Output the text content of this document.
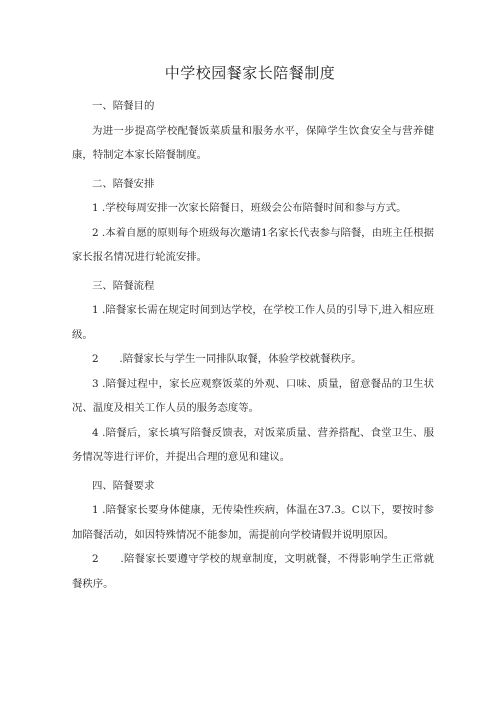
中学校园餐家长陪餐制度
一、陪餐目的

为进一步提高学校配餐饭菜质量和服务水平，保障学生饮食安全与营养健康，特制定本家长陪餐制度。

二、陪餐安排

1 .学校每周安排一次家长陪餐日，班级会公布陪餐时间和参与方式。

2 .本着自愿的原则每个班级每次邀请1名家长代表参与陪餐，由班主任根据家长报名情况进行轮流安排。

三、陪餐流程

1 .陪餐家长需在规定时间到达学校，在学校工作人员的引导下,进入相应班级。

2　　.陪餐家长与学生一同排队取餐，体验学校就餐秩序。

3 .陪餐过程中，家长应观察饭菜的外观、口味、质量，留意餐品的卫生状况、温度及相关工作人员的服务态度等。

4 .陪餐后，家长填写陪餐反馈表，对饭菜质量、营养搭配、食堂卫生、服务情况等进行评价，并提出合理的意见和建议。

四、陪餐要求

1 .陪餐家长要身体健康，无传染性疾病，体温在37.3。C以下，要按时参加陪餐活动，如因特殊情况不能参加，需提前向学校请假并说明原因。

2　　.陪餐家长要遵守学校的规章制度，文明就餐，不得影响学生正常就餐秩序。
